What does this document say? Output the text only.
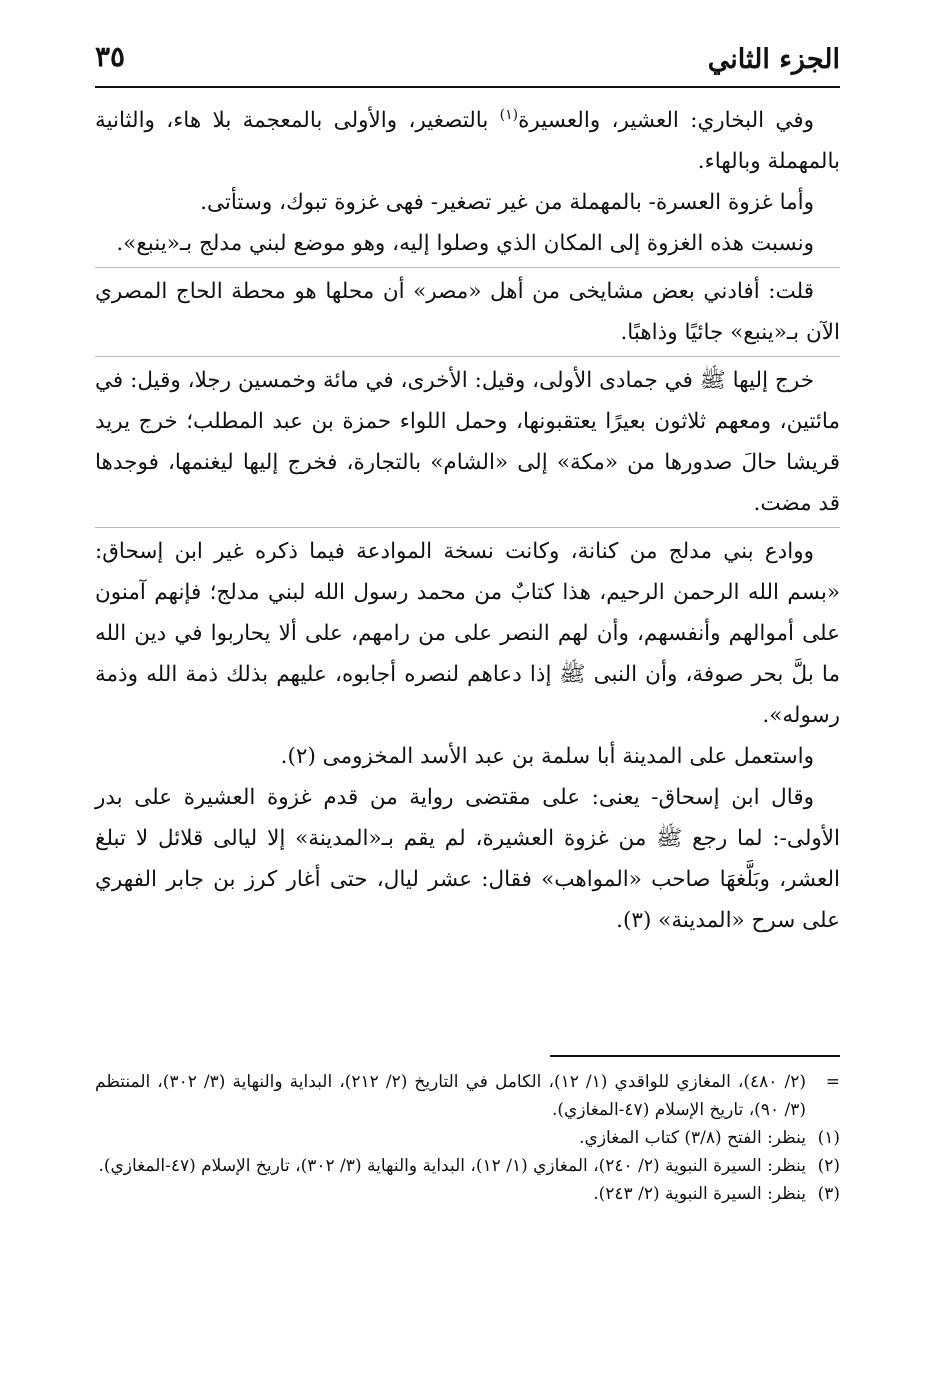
الجزء الثاني
٣٥

وفي البخاري: العشير، والعسيرة$^{(١)}$ بالتصغير، والأولى بالمعجمة بلا هاء، والثانية بالمهملة وبالهاء.

وأما غزوة العسرة- بالمهملة من غير تصغير- فهى غزوة تبوك، وستأتى.

ونسبت هذه الغزوة إلى المكان الذي وصلوا إليه، وهو موضع لبني مدلج بـ«ينبع».

قلت: أفادني بعض مشايخى من أهل «مصر» أن محلها هو محطة الحاج المصري الآن بـ«ينبع» جائيًا وذاهبًا.

خرج إليها ﷺ في جمادى الأولى، وقيل: الأخرى، في مائة وخمسين رجلا، وقيل: في مائتين، ومعهم ثلاثون بعيرًا يعتقبونها، وحمل اللواء حمزة بن عبد المطلب؛ خرج يريد قريشا حالَ صدورها من «مكة» إلى «الشام» بالتجارة، فخرج إليها ليغنمها، فوجدها قد مضت.

ووادع بني مدلج من كنانة، وكانت نسخة الموادعة فيما ذكره غير ابن إسحاق: «بسم الله الرحمن الرحيم، هذا كتابٌ من محمد رسول الله لبني مدلج؛ فإنهم آمنون على أموالهم وأنفسهم، وأن لهم النصر على من رامهم، على ألا يحاربوا في دين الله ما بلَّ بحر صوفة، وأن النبى ﷺ إذا دعاهم لنصره أجابوه، عليهم بذلك ذمة الله وذمة رسوله».

واستعمل على المدينة أبا سلمة بن عبد الأسد المخزومى (٢).

وقال ابن إسحاق- يعنى: على مقتضى رواية من قدم غزوة العشيرة على بدر الأولى-: لما رجع ﷺ من غزوة العشيرة، لم يقم بـ«المدينة» إلا ليالى قلائل لا تبلغ العشر، وبَلَّغهَا صاحب «المواهب» فقال: عشر ليال، حتى أغار كرز بن جابر الفهري على سرح «المدينة» (٣).

=
(٢/ ٤٨٠)، المغازي للواقدي (١/ ١٢)، الكامل في التاريخ (٢/ ٢١٢)، البداية والنهاية (٣/ ٣٠٢)، المنتظم (٣/ ٩٠)، تاريخ الإسلام (٤٧-المغازي).
(١)
ينظر: الفتح (٣/٨) كتاب المغازي.
(٢)
ينظر: السيرة النبوية (٢/ ٢٤٠)، المغازي (١/ ١٢)، البداية والنهاية (٣/ ٣٠٢)، تاريخ الإسلام (٤٧-المغازي).
(٣)
ينظر: السيرة النبوية (٢/ ٢٤٣).
